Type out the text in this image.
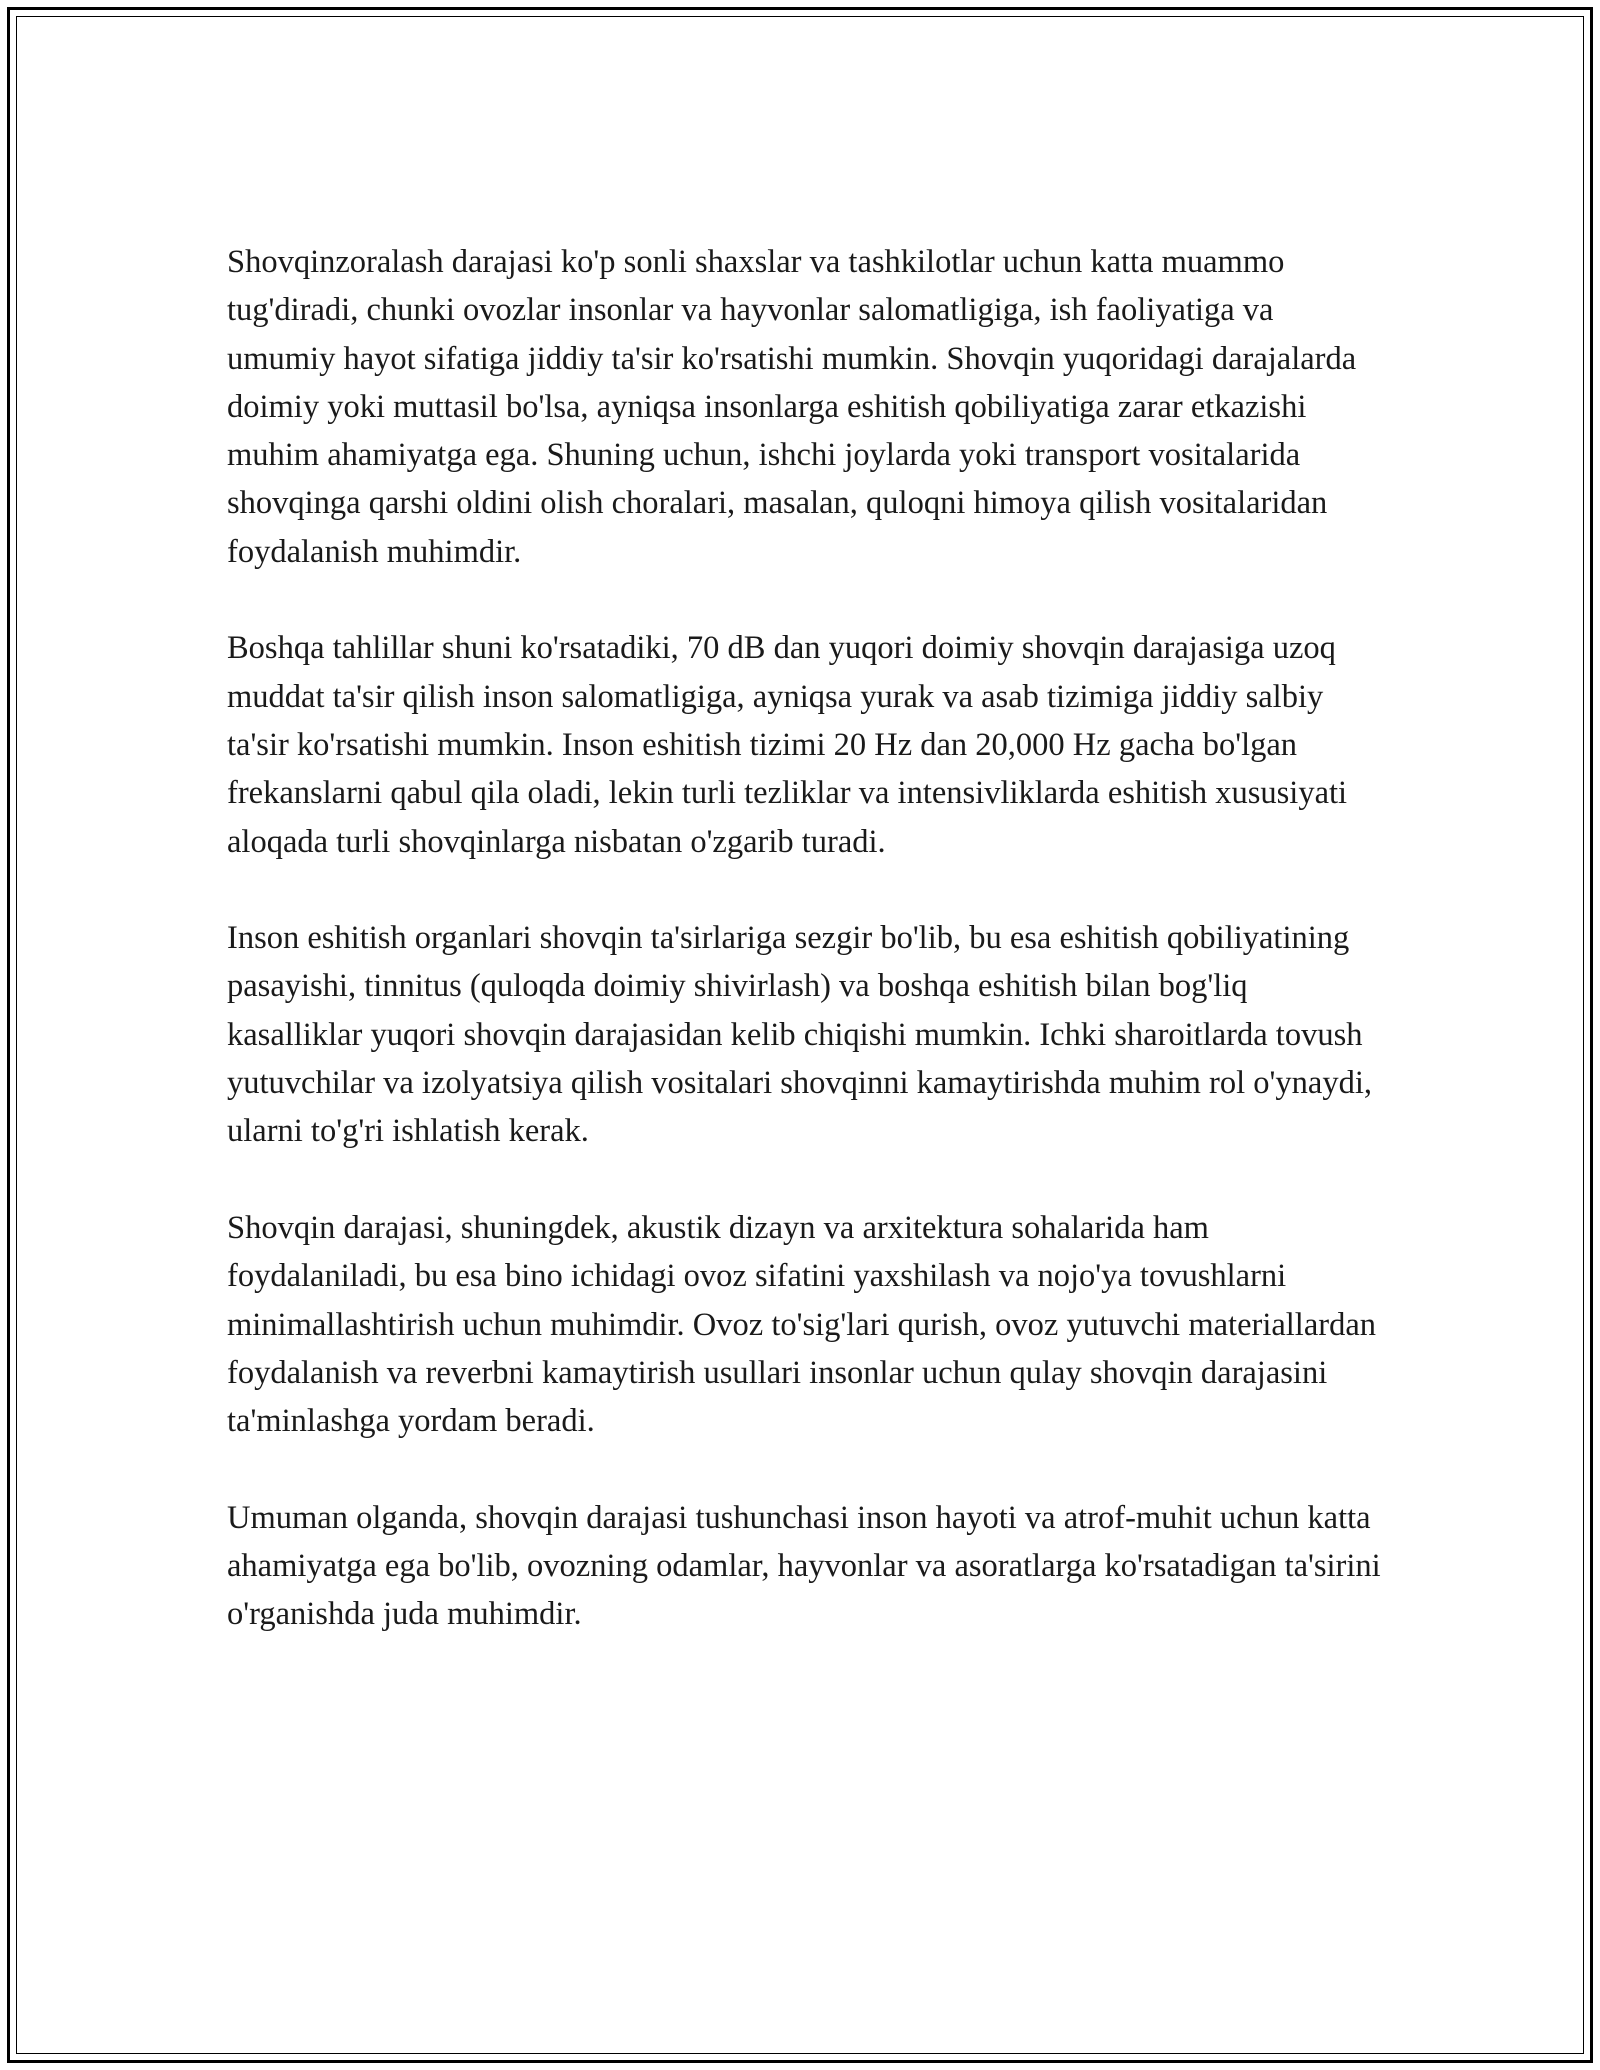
Shovqinzoralash darajasi ko'p sonli shaxslar va tashkilotlar uchun katta muammo tug'diradi, chunki ovozlar insonlar va hayvonlar salomatligiga, ish faoliyatiga va umumiy hayot sifatiga jiddiy ta'sir ko'rsatishi mumkin. Shovqin yuqoridagi darajalarda doimiy yoki muttasil bo'lsa, ayniqsa insonlarga eshitish qobiliyatiga zarar etkazishi muhim ahamiyatga ega. Shuning uchun, ishchi joylarda yoki transport vositalarida shovqinga qarshi oldini olish choralari, masalan, quloqni himoya qilish vositalaridan foydalanish muhimdir.

Boshqa tahlillar shuni ko'rsatadiki, 70 dB dan yuqori doimiy shovqin darajasiga uzoq muddat ta'sir qilish inson salomatligiga, ayniqsa yurak va asab tizimiga jiddiy salbiy ta'sir ko'rsatishi mumkin. Inson eshitish tizimi 20 Hz dan 20,000 Hz gacha bo'lgan frekanslarni qabul qila oladi, lekin turli tezliklar va intensivliklarda eshitish xususiyati aloqada turli shovqinlarga nisbatan o'zgarib turadi.

Inson eshitish organlari shovqin ta'sirlariga sezgir bo'lib, bu esa eshitish qobiliyatining pasayishi, tinnitus (quloqda doimiy shivirlash) va boshqa eshitish bilan bog'liq kasalliklar yuqori shovqin darajasidan kelib chiqishi mumkin. Ichki sharoitlarda tovush yutuvchilar va izolyatsiya qilish vositalari shovqinni kamaytirishda muhim rol o'ynaydi, ularni to'g'ri ishlatish kerak.

Shovqin darajasi, shuningdek, akustik dizayn va arxitektura sohalarida ham foydalaniladi, bu esa bino ichidagi ovoz sifatini yaxshilash va nojo'ya tovushlarni minimallashtirish uchun muhimdir. Ovoz to'sig'lari qurish, ovoz yutuvchi materiallardan foydalanish va reverbni kamaytirish usullari insonlar uchun qulay shovqin darajasini ta'minlashga yordam beradi.

Umuman olganda, shovqin darajasi tushunchasi inson hayoti va atrof-muhit uchun katta ahamiyatga ega bo'lib, ovozning odamlar, hayvonlar va asoratlarga ko'rsatadigan ta'sirini o'rganishda juda muhimdir.
